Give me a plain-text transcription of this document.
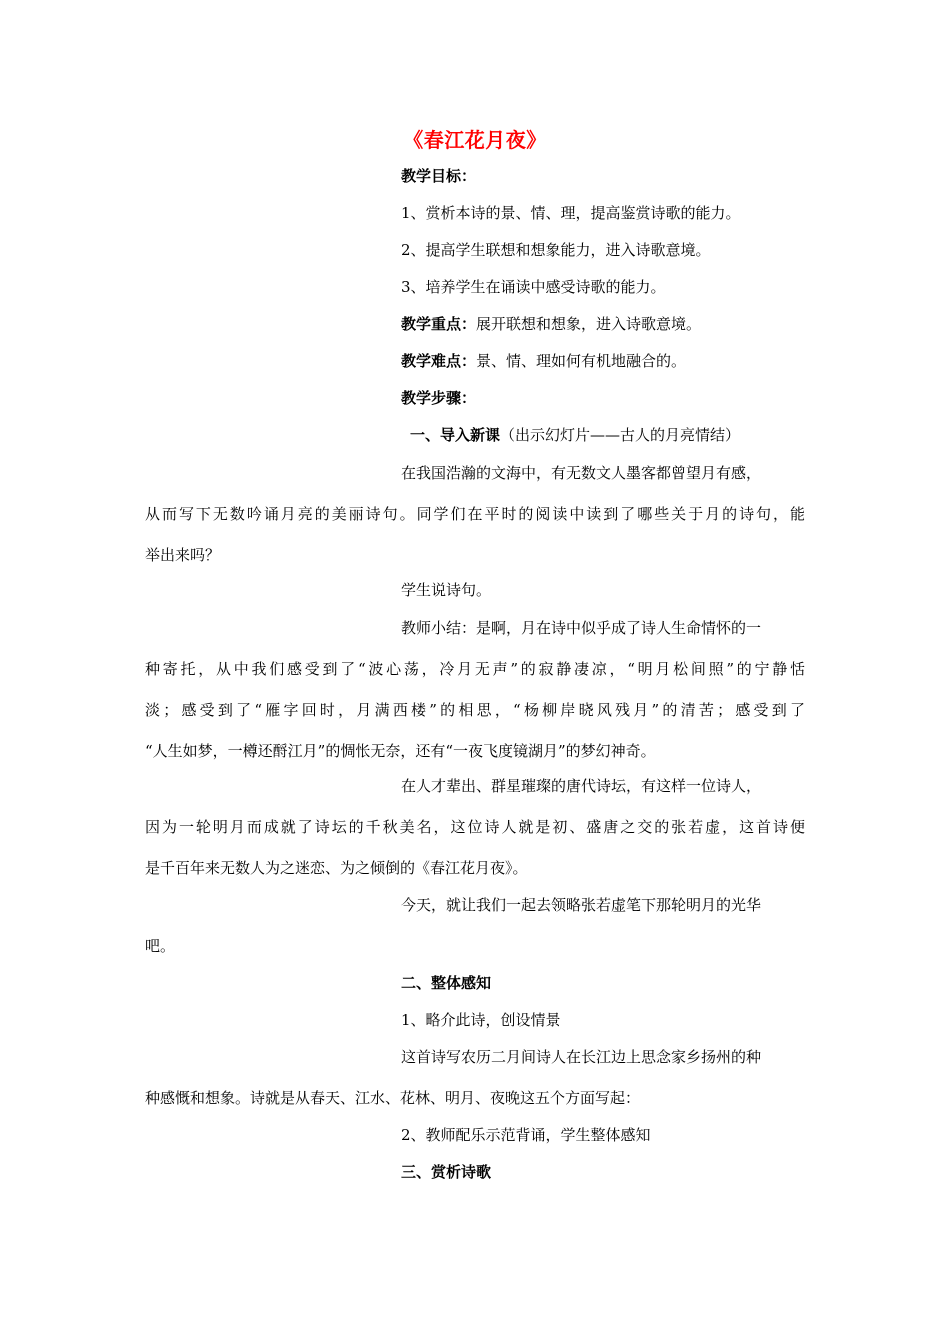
《春江花月夜》
教学目标：
1、赏析本诗的景、情、理，提高鉴赏诗歌的能力。
2、提高学生联想和想象能力，进入诗歌意境。
3、培养学生在诵读中感受诗歌的能力。
教学重点：展开联想和想象，进入诗歌意境。
教学难点：景、情、理如何有机地融合的。
教学步骤：
一、导入新课（出示幻灯片——古人的月亮情结）
在我国浩瀚的文海中，有无数文人墨客都曾望月有感，
从而写下无数吟诵月亮的美丽诗句。同学们在平时的阅读中读到了哪些关于月的诗句，能
举出来吗？
学生说诗句。
教师小结：是啊，月在诗中似乎成了诗人生命情怀的一
种寄托，从中我们感受到了“波心荡，冷月无声”的寂静凄凉，“明月松间照”的宁静恬
淡；感受到了“雁字回时，月满西楼”的相思，“杨柳岸晓风残月”的清苦；感受到了
“人生如梦，一樽还酹江月”的惆怅无奈，还有“一夜飞度镜湖月”的梦幻神奇。
在人才辈出、群星璀璨的唐代诗坛，有这样一位诗人，
因为一轮明月而成就了诗坛的千秋美名，这位诗人就是初、盛唐之交的张若虚，这首诗便
是千百年来无数人为之迷恋、为之倾倒的《春江花月夜》。
今天，就让我们一起去领略张若虚笔下那轮明月的光华
吧。
二、整体感知
1、略介此诗，创设情景
这首诗写农历二月间诗人在长江边上思念家乡扬州的种
种感慨和想象。诗就是从春天、江水、花林、明月、夜晚这五个方面写起：
2、教师配乐示范背诵，学生整体感知
三、赏析诗歌
